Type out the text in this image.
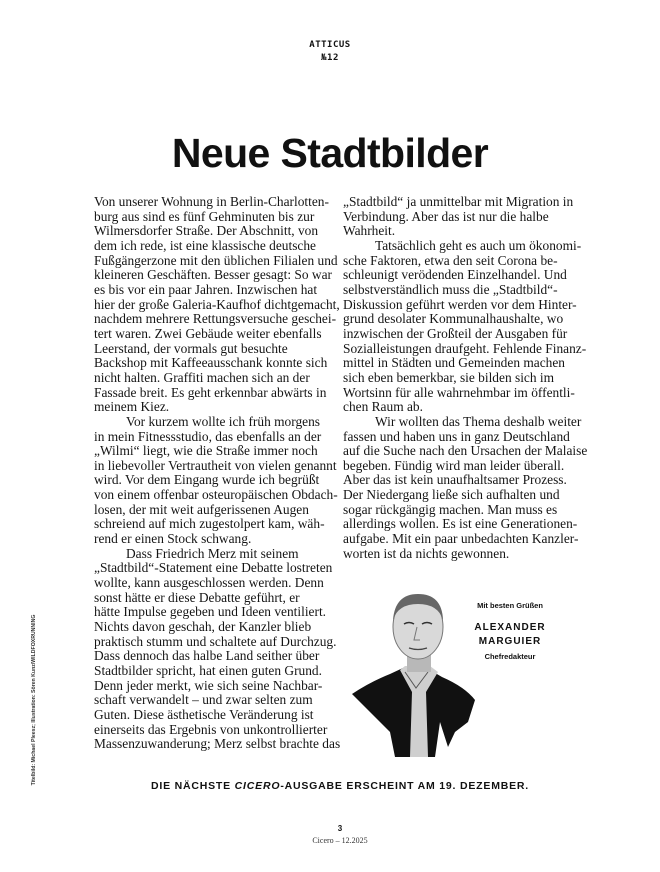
ATTICUS
№12
Neue Stadtbilder
Von unserer Wohnung in Berlin-Charlotten-
burg aus sind es fünf Gehminuten bis zur
Wilmersdorfer Straße. Der Abschnitt, von
dem ich rede, ist eine klassische deutsche
Fußgängerzone mit den üblichen Filialen und
kleineren Geschäften. Besser gesagt: So war
es bis vor ein paar Jahren. Inzwischen hat
hier der große Galeria-Kaufhof dichtgemacht,
nachdem mehrere Rettungsversuche geschei-
tert waren. Zwei Gebäude weiter ebenfalls
Leerstand, der vormals gut besuchte
Backshop mit Kaffeeausschank konnte sich
nicht halten. Graffiti machen sich an der
Fassade breit. Es geht erkennbar abwärts in
meinem Kiez.
Vor kurzem wollte ich früh morgens
in mein Fitnessstudio, das ebenfalls an der
„Wilmi“ liegt, wie die Straße immer noch
in liebevoller Vertrautheit von vielen genannt
wird. Vor dem Eingang wurde ich begrüßt
von einem offenbar osteuropäischen Obdach-
losen, der mit weit aufgerissenen Augen
schreiend auf mich zugestolpert kam, wäh-
rend er einen Stock schwang.
Dass Friedrich Merz mit seinem
„Stadtbild“-Statement eine Debatte lostreten
wollte, kann ausgeschlossen werden. Denn
sonst hätte er diese Debatte geführt, er
hätte Impulse gegeben und Ideen ventiliert.
Nichts davon geschah, der Kanzler blieb
praktisch stumm und schaltete auf Durchzug.
Dass dennoch das halbe Land seither über
Stadtbilder spricht, hat einen guten Grund.
Denn jeder merkt, wie sich seine Nachbar-
schaft verwandelt – und zwar selten zum
Guten. Diese ästhetische Veränderung ist
einerseits das Ergebnis von unkontrollierter
Massenzuwanderung; Merz selbst brachte das
„Stadtbild“ ja unmittelbar mit Migration in
Verbindung. Aber das ist nur die halbe
Wahrheit.
Tatsächlich geht es auch um ökonomi-
sche Faktoren, etwa den seit Corona be-
schleunigt verödenden Einzelhandel. Und
selbstverständlich muss die „Stadtbild“-
Diskussion geführt werden vor dem Hinter-
grund desolater Kommunalhaushalte, wo
inzwischen der Großteil der Ausgaben für
Sozialleistungen draufgeht. Fehlende Finanz-
mittel in Städten und Gemeinden machen
sich eben bemerkbar, sie bilden sich im
Wortsinn für alle wahrnehmbar im öffentli-
chen Raum ab.
Wir wollten das Thema deshalb weiter
fassen und haben uns in ganz Deutschland
auf die Suche nach den Ursachen der Malaise
begeben. Fündig wird man leider überall.
Aber das ist kein unaufhaltsamer Prozess.
Der Niedergang ließe sich aufhalten und
sogar rückgängig machen. Man muss es
allerdings wollen. Es ist eine Generationen-
aufgabe. Mit ein paar unbedachten Kanzler-
worten ist da nichts gewonnen.
Mit besten Grüßen
ALEXANDER
MARGUIER
Chefredakteur
DIE NÄCHSTE CICERO-AUSGABE ERSCHEINT AM 19. DEZEMBER.
3
Cicero – 12.2025
Titelbild: Michael Pleesz; Illustration: Sören Kunz/WILDFOXRUNNING
